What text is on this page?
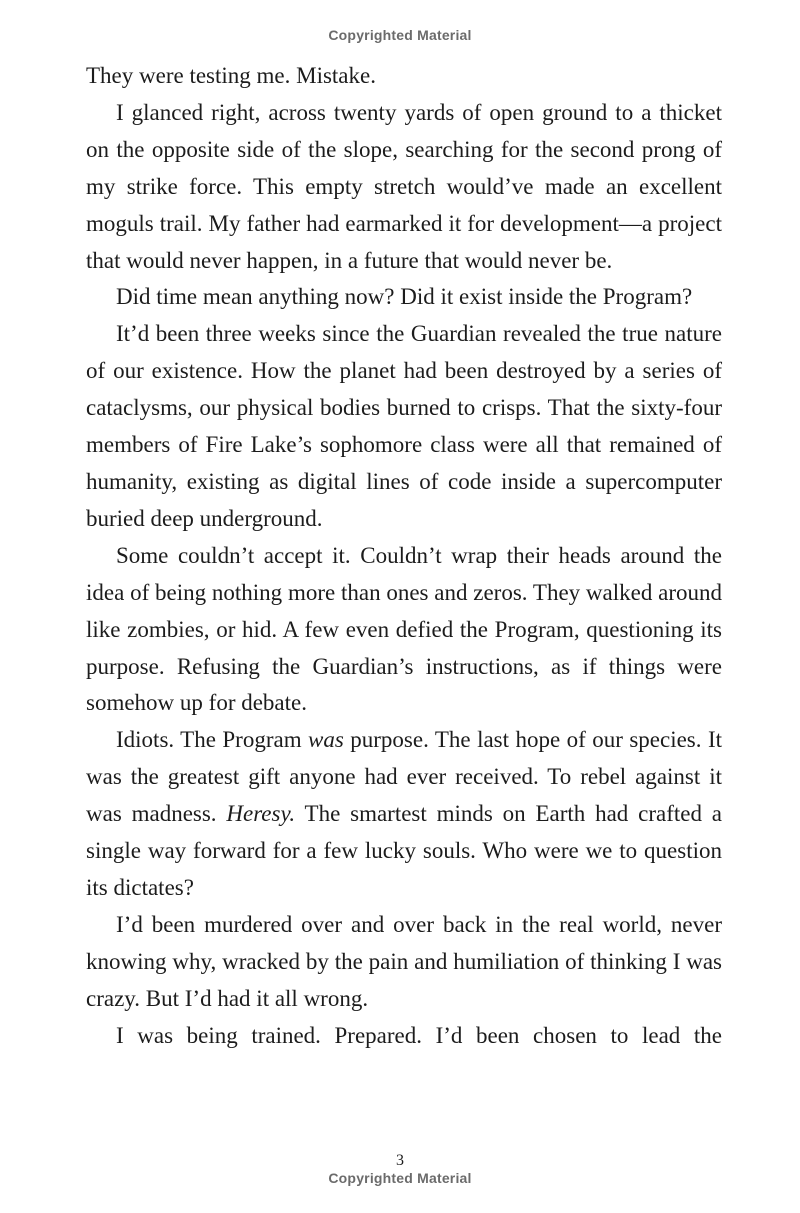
Copyrighted Material

They were testing me. Mistake.

I glanced right, across twenty yards of open ground to a thicket on the opposite side of the slope, searching for the second prong of my strike force. This empty stretch would’ve made an excellent moguls trail. My father had earmarked it for development—a project that would never happen, in a future that would never be.

Did time mean anything now? Did it exist inside the Program?

It’d been three weeks since the Guardian revealed the true nature of our existence. How the planet had been destroyed by a series of cataclysms, our physical bodies burned to crisps. That the sixty-four members of Fire Lake’s sophomore class were all that remained of humanity, existing as digital lines of code inside a supercomputer buried deep underground.

Some couldn’t accept it. Couldn’t wrap their heads around the idea of being nothing more than ones and zeros. They walked around like zombies, or hid. A few even defied the Program, questioning its purpose. Refusing the Guardian’s instructions, as if things were somehow up for debate.

Idiots. The Program was purpose. The last hope of our species. It was the greatest gift anyone had ever received. To rebel against it was madness. Heresy. The smartest minds on Earth had crafted a single way forward for a few lucky souls. Who were we to question its dictates?

I’d been murdered over and over back in the real world, never knowing why, wracked by the pain and humiliation of thinking I was crazy. But I’d had it all wrong.

I was being trained. Prepared. I’d been chosen to lead the

3
Copyrighted Material
